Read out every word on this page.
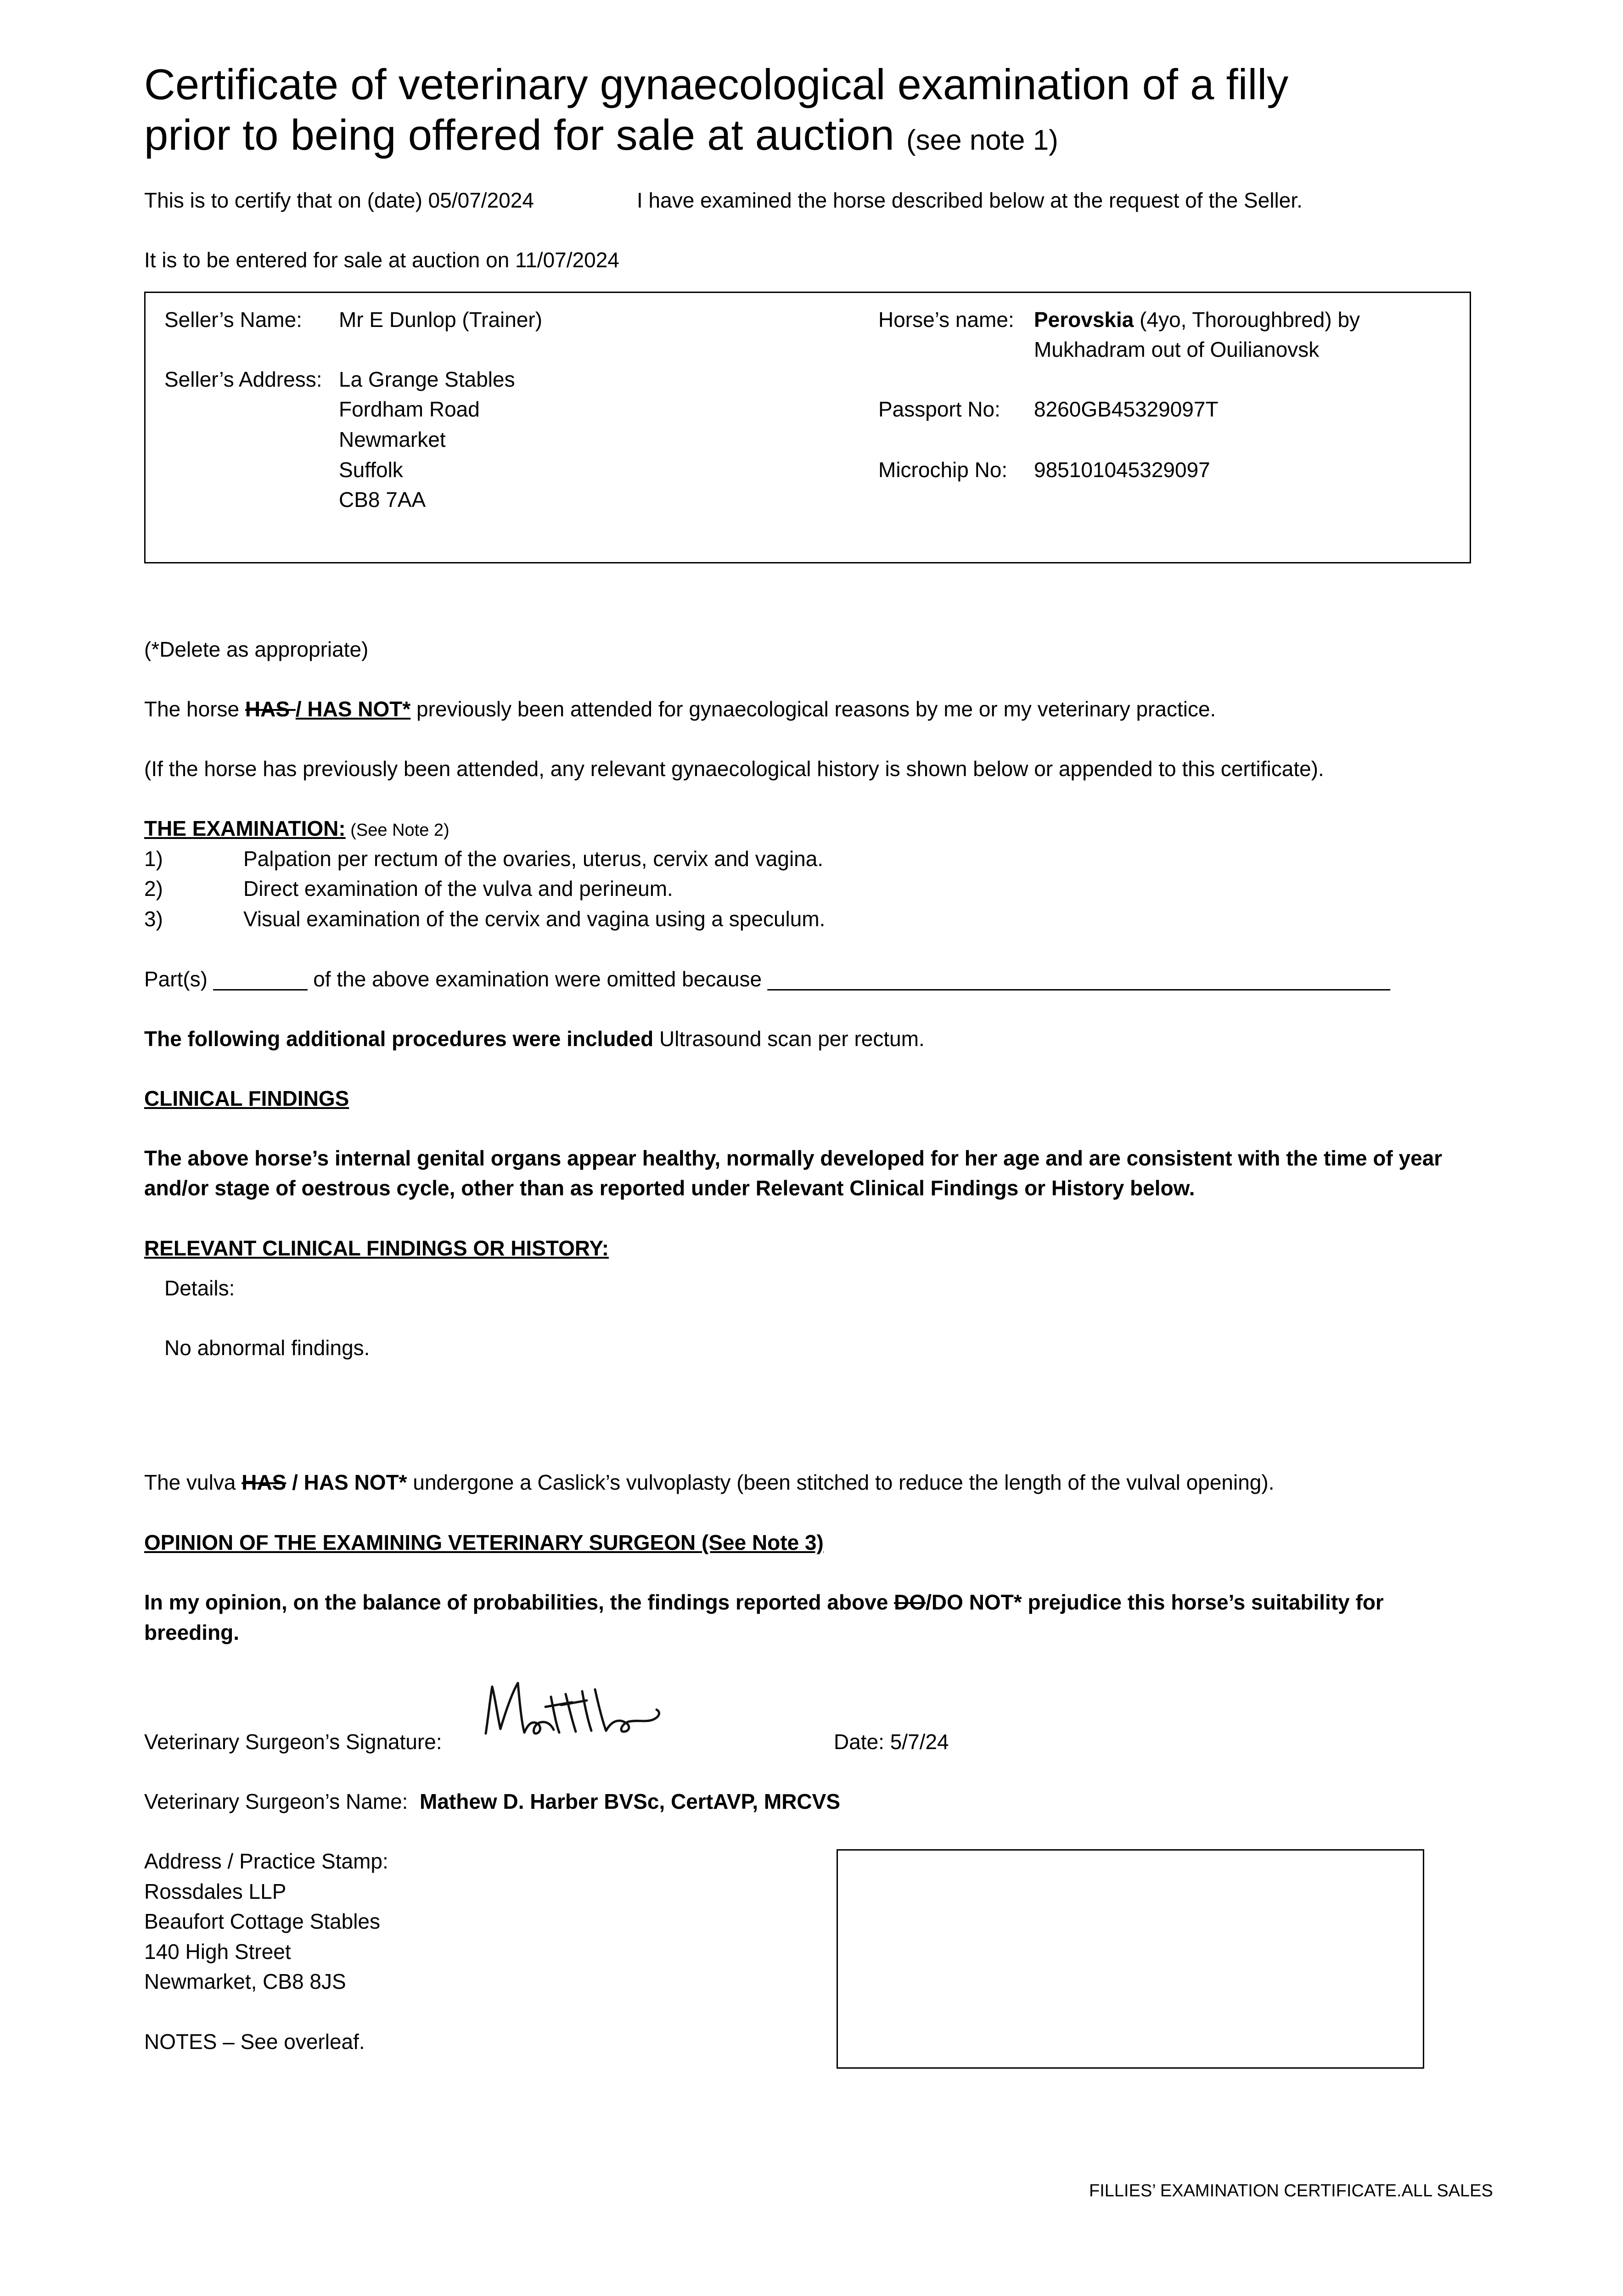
Certificate of veterinary gynaecological examination of a filly
prior to being offered for sale at auction (see note 1)
This is to certify that on (date) 05/07/2024	I have examined the horse described below at the request of the Seller.
It is to be entered for sale at auction on 11/07/2024
Seller’s Name: Mr E Dunlop (Trainer)
Seller’s Address: La Grange Stables
Fordham Road
Newmarket
Suffolk
CB8 7AA
Horse’s name: Perovskia (4yo, Thoroughbred) by
Mukhadram out of Ouilianovsk
Passport No: 8260GB45329097T
Microchip No: 985101045329097
(*Delete as appropriate)
The horse HAS / HAS NOT* previously been attended for gynaecological reasons by me or my veterinary practice.
(If the horse has previously been attended, any relevant gynaecological history is shown below or appended to this certificate).
THE EXAMINATION: (See Note 2)
1)	Palpation per rectum of the ovaries, uterus, cervix and vagina.
2)	Direct examination of the vulva and perineum.
3)	Visual examination of the cervix and vagina using a speculum.
Part(s) ________ of the above examination were omitted because _____________________________________________________
The following additional procedures were included Ultrasound scan per rectum.
CLINICAL FINDINGS
The above horse’s internal genital organs appear healthy, normally developed for her age and are consistent with the time of year
and/or stage of oestrous cycle, other than as reported under Relevant Clinical Findings or History below.
RELEVANT CLINICAL FINDINGS OR HISTORY:
Details:
No abnormal findings.
The vulva HAS / HAS NOT* undergone a Caslick’s vulvoplasty (been stitched to reduce the length of the vulval opening).
OPINION OF THE EXAMINING VETERINARY SURGEON (See Note 3)
In my opinion, on the balance of probabilities, the findings reported above DO/DO NOT* prejudice this horse’s suitability for
breeding.
Veterinary Surgeon’s Signature:	Date: 5/7/24
Veterinary Surgeon’s Name: Mathew D. Harber BVSc, CertAVP, MRCVS
Address / Practice Stamp:
Rossdales LLP
Beaufort Cottage Stables
140 High Street
Newmarket, CB8 8JS
NOTES – See overleaf.
FILLIES’ EXAMINATION CERTIFICATE.ALL SALES
